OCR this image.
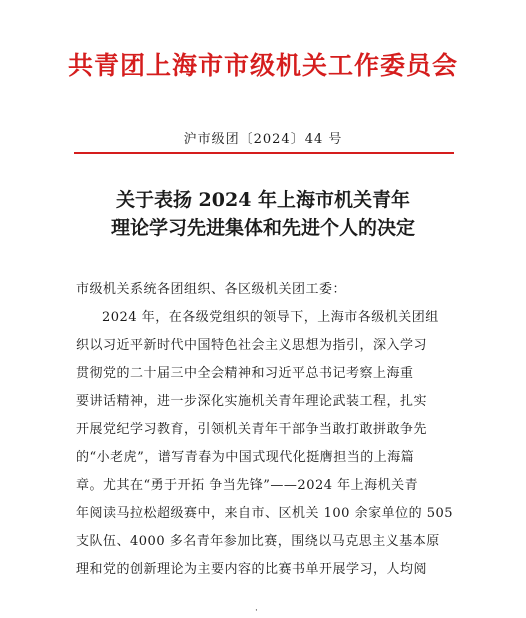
共青团上海市市级机关工作委员会
沪市级团〔2024〕44 号
关于表扬 2024 年上海市机关青年
理论学习先进集体和先进个人的决定
市级机关系统各团组织、各区级机关团工委：
2024 年，在各级党组织的领导下，上海市各级机关团组
织以习近平新时代中国特色社会主义思想为指引，深入学习
贯彻党的二十届三中全会精神和习近平总书记考察上海重
要讲话精神，进一步深化实施机关青年理论武装工程，扎实
开展党纪学习教育，引领机关青年干部争当敢打敢拼敢争先
的“小老虎”，谱写青春为中国式现代化挺膺担当的上海篇
章。尤其在“勇于开拓 争当先锋”——2024 年上海机关青
年阅读马拉松超级赛中，来自市、区机关 100 余家单位的 505
支队伍、4000 多名青年参加比赛，围绕以马克思主义基本原
理和党的创新理论为主要内容的比赛书单开展学习，人均阅
·
